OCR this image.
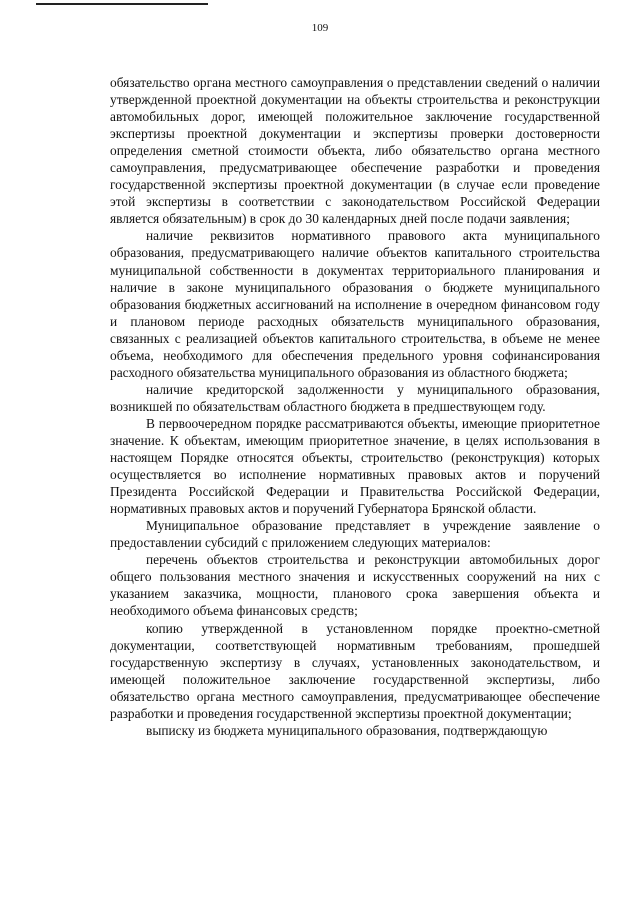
109

обязательство органа местного самоуправления о представлении сведений о наличии утвержденной проектной документации на объекты строительства и реконструкции автомобильных дорог, имеющей положительное заключение государственной экспертизы проектной документации и экспертизы проверки достоверности определения сметной стоимости объекта, либо обязательство органа местного самоуправления, предусматривающее обеспечение разработки и проведения государственной экспертизы проектной документации (в случае если проведение этой экспертизы в соответствии с законодательством Российской Федерации является обязательным) в срок до 30 календарных дней после подачи заявления;

наличие реквизитов нормативного правового акта муниципального образования, предусматривающего наличие объектов капитального строительства муниципальной собственности в документах территориального планирования и наличие в законе муниципального образования о бюджете муниципального образования бюджетных ассигнований на исполнение в очередном финансовом году и плановом периоде расходных обязательств муниципального образования, связанных с реализацией объектов капитального строительства, в объеме не менее объема, необходимого для обеспечения предельного уровня софинансирования расходного обязательства муниципального образования из областного бюджета;

наличие кредиторской задолженности у муниципального образования, возникшей по обязательствам областного бюджета в предшествующем году.

В первоочередном порядке рассматриваются объекты, имеющие приоритетное значение. К объектам, имеющим приоритетное значение, в целях использования в настоящем Порядке относятся объекты, строительство (реконструкция) которых осуществляется во исполнение нормативных правовых актов и поручений Президента Российской Федерации и Правительства Российской Федерации, нормативных правовых актов и поручений Губернатора Брянской области.

Муниципальное образование представляет в учреждение заявление о предоставлении субсидий с приложением следующих материалов:

перечень объектов строительства и реконструкции автомобильных дорог общего пользования местного значения и искусственных сооружений на них с указанием заказчика, мощности, планового срока завершения объекта и необходимого объема финансовых средств;

копию утвержденной в установленном порядке проектно-сметной документации, соответствующей нормативным требованиям, прошедшей государственную экспертизу в случаях, установленных законодательством, и имеющей положительное заключение государственной экспертизы, либо обязательство органа местного самоуправления, предусматривающее обеспечение разработки и проведения государственной экспертизы проектной документации;

выписку из бюджета муниципального образования, подтверждающую
